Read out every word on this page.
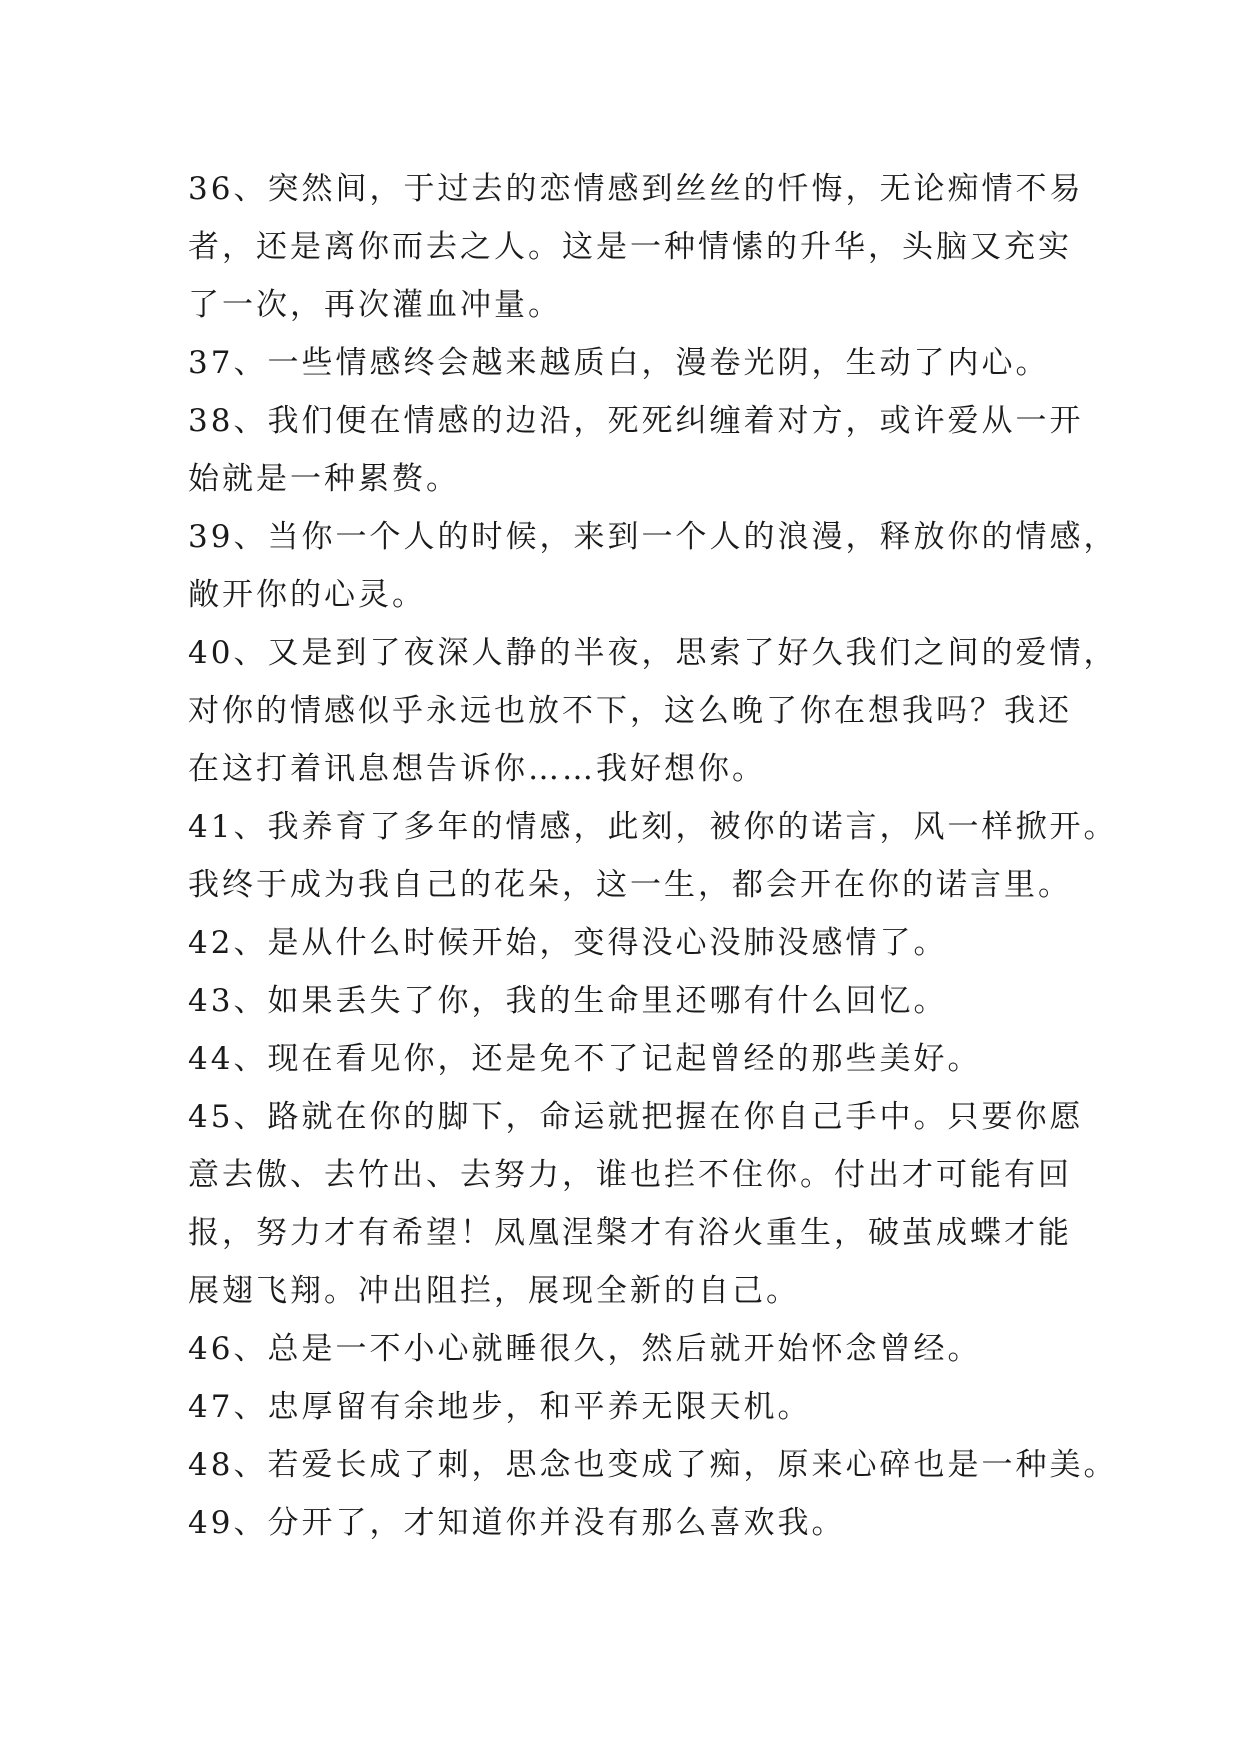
36、突然间，于过去的恋情感到丝丝的忏悔，无论痴情不易
者，还是离你而去之人。这是一种情愫的升华，头脑又充实
了一次，再次灌血冲量。

37、一些情感终会越来越质白，漫卷光阴，生动了内心。

38、我们便在情感的边沿，死死纠缠着对方，或许爱从一开
始就是一种累赘。

39、当你一个人的时候，来到一个人的浪漫，释放你的情感，
敞开你的心灵。

40、又是到了夜深人静的半夜，思索了好久我们之间的爱情，
对你的情感似乎永远也放不下，这么晚了你在想我吗？我还
在这打着讯息想告诉你……我好想你。

41、我养育了多年的情感，此刻，被你的诺言，风一样掀开。
我终于成为我自己的花朵，这一生，都会开在你的诺言里。

42、是从什么时候开始，变得没心没肺没感情了。

43、如果丢失了你，我的生命里还哪有什么回忆。

44、现在看见你，还是免不了记起曾经的那些美好。

45、路就在你的脚下，命运就把握在你自己手中。只要你愿
意去傲、去竹出、去努力，谁也拦不住你。付出才可能有回
报，努力才有希望！凤凰涅槃才有浴火重生，破茧成蝶才能
展翅飞翔。冲出阻拦，展现全新的自己。

46、总是一不小心就睡很久，然后就开始怀念曾经。

47、忠厚留有余地步，和平养无限天机。

48、若爱长成了刺，思念也变成了痴，原来心碎也是一种美。

49、分开了，才知道你并没有那么喜欢我。
